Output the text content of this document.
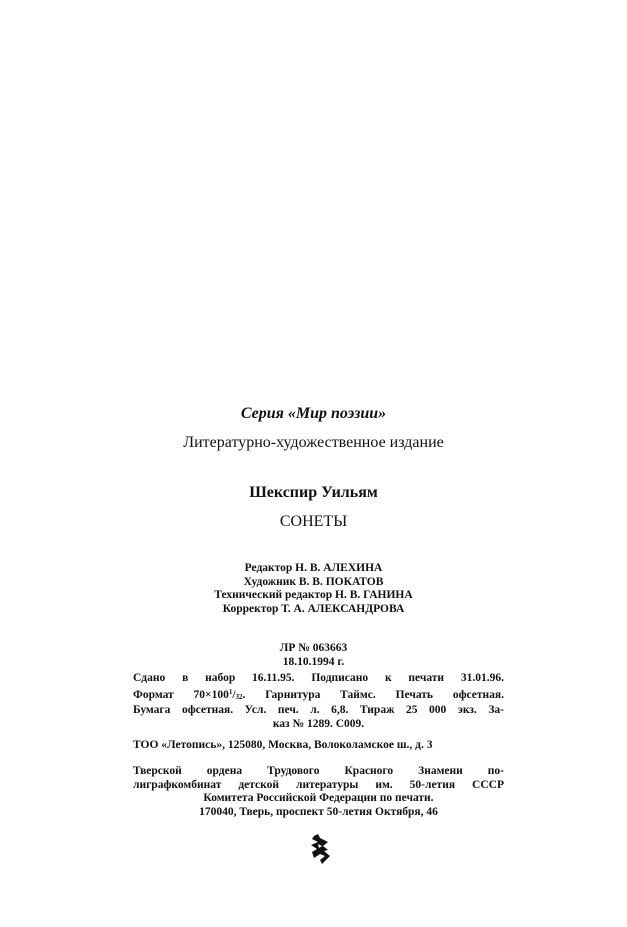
Серия «Мир поэзии»
Литературно-художественное издание
Шекспир Уильям
СОНЕТЫ
Редактор Н. В. АЛЕХИНА
Художник В. В. ПОКАТОВ
Технический редактор Н. В. ГАНИНА
Корректор Т. А. АЛЕКСАНДРОВА
ЛР № 063663
18.10.1994 г.
Сдано в набор 16.11.95. Подписано к печати 31.01.96.
Формат $70\times 100^1/_{32}$. Гарнитура Таймс. Печать офсетная.
Бумага офсетная. Усл. печ. л. 6,8. Тираж 25 000 экз. За-
каз № 1289. С009.
ТОО «Летопись», 125080, Москва, Волоколамское ш., д. 3
Тверской ордена Трудового Красного Знамени по-
лиграфкомбинат детской литературы им. 50-летия СССР
Комитета Российской Федерации по печати.
170040, Тверь, проспект 50-летия Октября, 46
